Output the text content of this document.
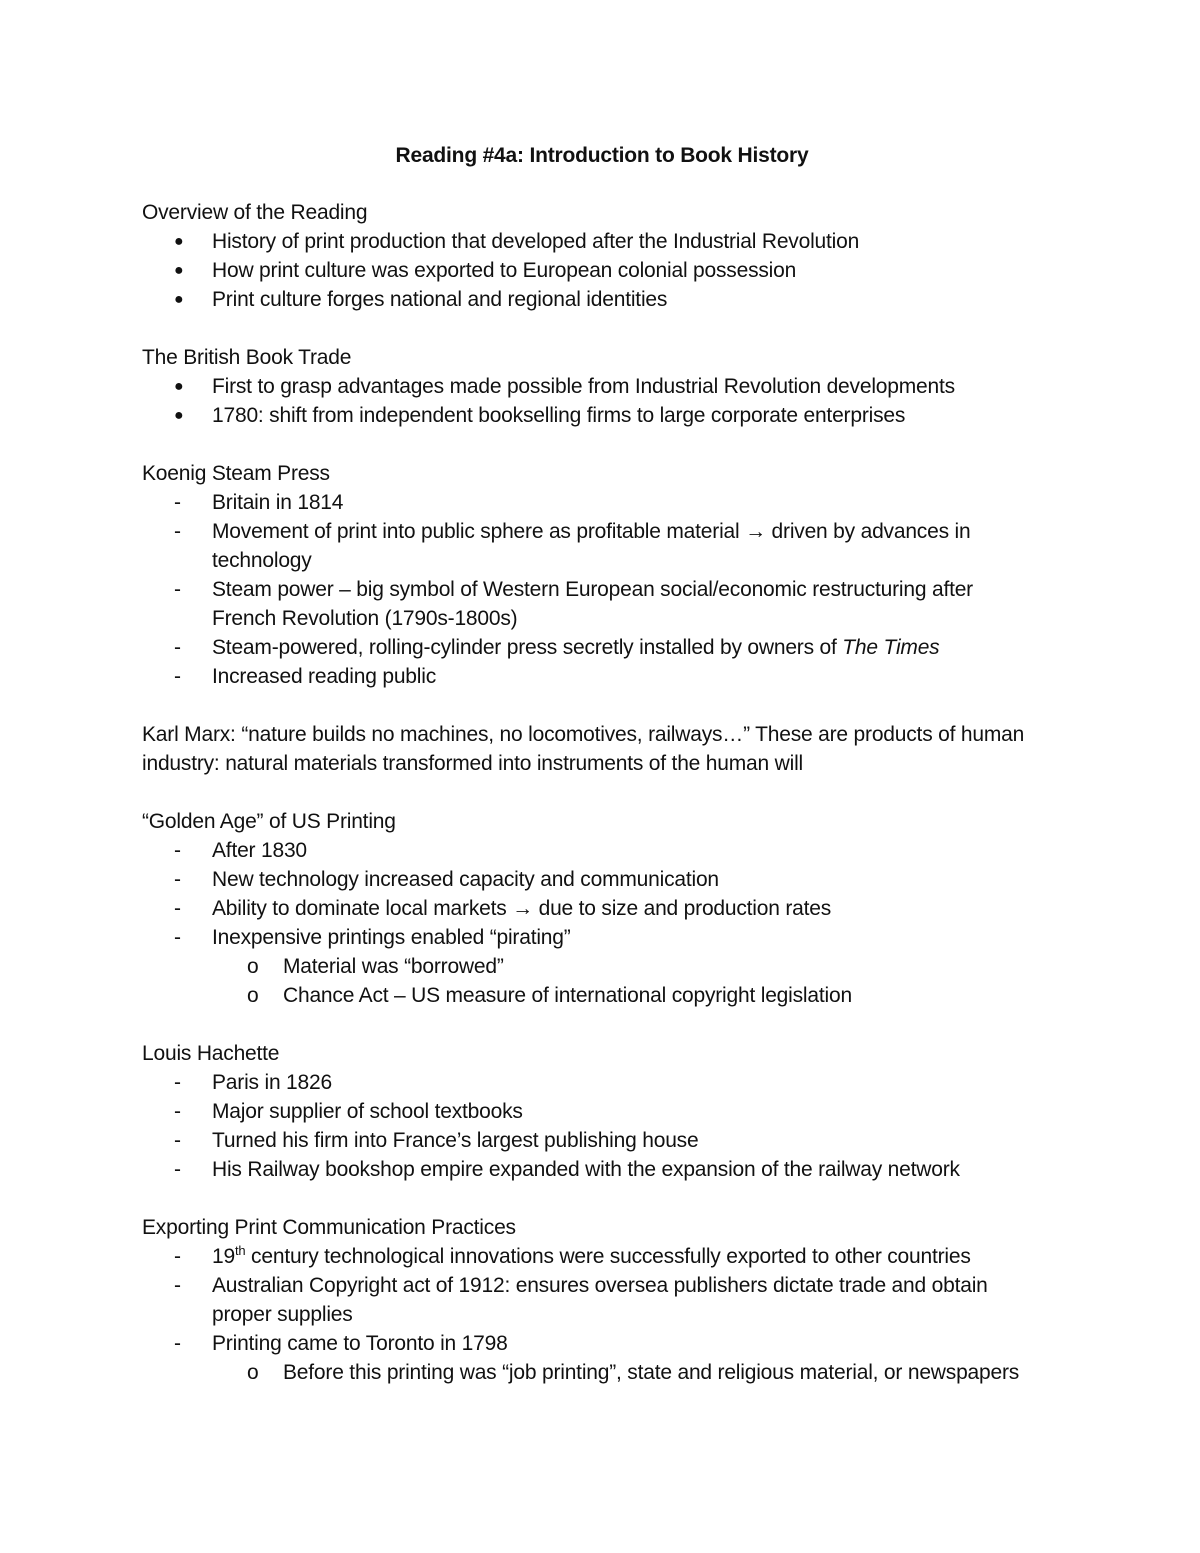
Reading #4a: Introduction to Book History

Overview of the Reading

●	History of print production that developed after the Industrial Revolution
●	How print culture was exported to European colonial possession
●	Print culture forges national and regional identities

The British Book Trade

●	First to grasp advantages made possible from Industrial Revolution developments
●	1780: shift from independent bookselling firms to large corporate enterprises

Koenig Steam Press

-	Britain in 1814
-	Movement of print into public sphere as profitable material → driven by advances in technology
-	Steam power – big symbol of Western European social/economic restructuring after French Revolution (1790s-1800s)
-	Steam-powered, rolling-cylinder press secretly installed by owners of The Times
-	Increased reading public

Karl Marx: “nature builds no machines, no locomotives, railways…” These are products of human industry: natural materials transformed into instruments of the human will

“Golden Age” of US Printing

-	After 1830
-	New technology increased capacity and communication
-	Ability to dominate local markets → due to size and production rates
-	Inexpensive printings enabled “pirating”
o	Material was “borrowed”
o	Chance Act – US measure of international copyright legislation

Louis Hachette

-	Paris in 1826
-	Major supplier of school textbooks
-	Turned his firm into France’s largest publishing house
-	His Railway bookshop empire expanded with the expansion of the railway network

Exporting Print Communication Practices

-	19th century technological innovations were successfully exported to other countries
-	Australian Copyright act of 1912: ensures oversea publishers dictate trade and obtain proper supplies
-	Printing came to Toronto in 1798
o	Before this printing was “job printing”, state and religious material, or newspapers
